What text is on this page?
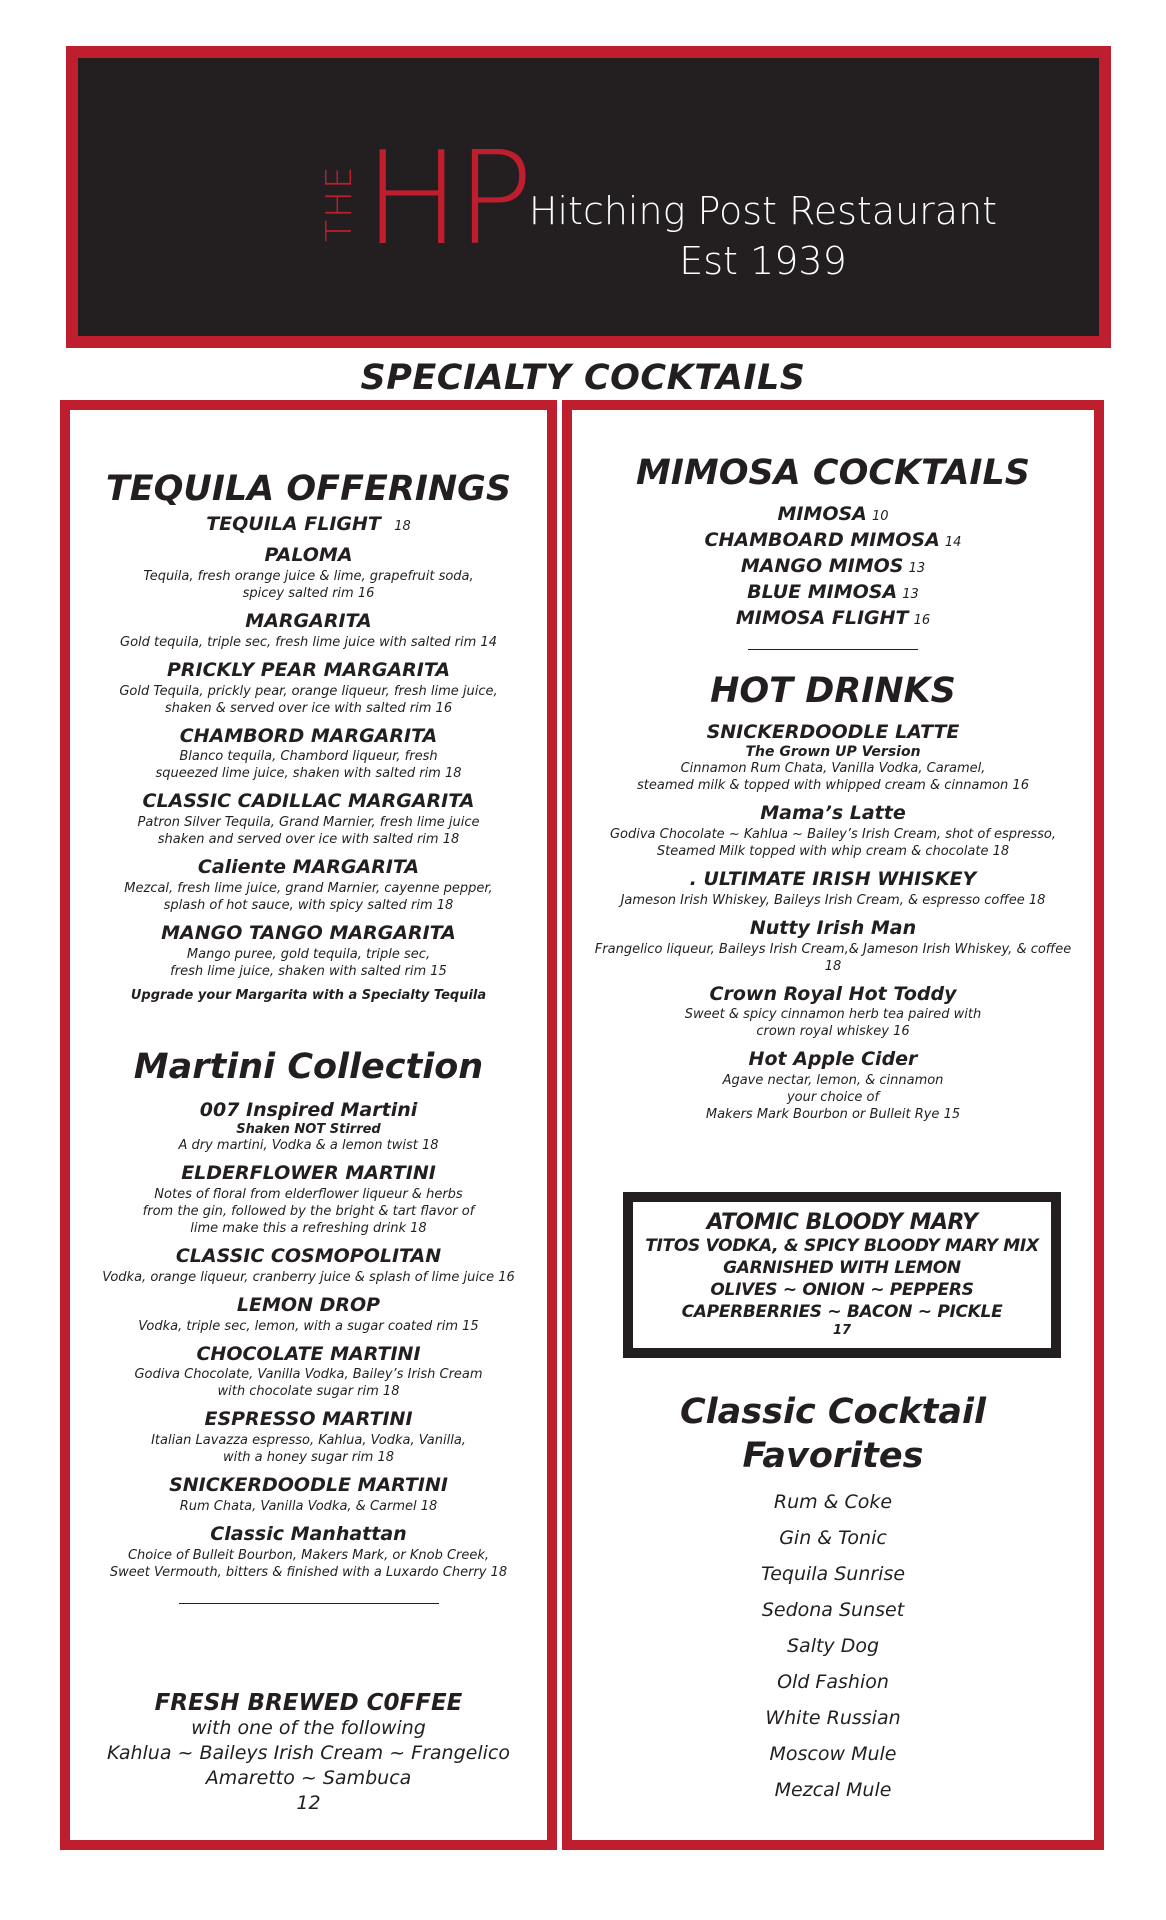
THE HP Hitching Post Restaurant
Est 1939
SPECIALTY COCKTAILS
TEQUILA OFFERINGS
TEQUILA FLIGHT 18
PALOMA
Tequila, fresh orange juice & lime, grapefruit soda,
spicey salted rim 16
MARGARITA
Gold tequila, triple sec, fresh lime juice with salted rim 14
PRICKLY PEAR MARGARITA
Gold Tequila, prickly pear, orange liqueur, fresh lime juice,
shaken & served over ice with salted rim 16
CHAMBORD MARGARITA
Blanco tequila, Chambord liqueur, fresh
squeezed lime juice, shaken with salted rim 18
CLASSIC CADILLAC MARGARITA
Patron Silver Tequila, Grand Marnier, fresh lime juice
shaken and served over ice with salted rim 18
Caliente MARGARITA
Mezcal, fresh lime juice, grand Marnier, cayenne pepper,
splash of hot sauce, with spicy salted rim 18
MANGO TANGO MARGARITA
Mango puree, gold tequila, triple sec,
fresh lime juice, shaken with salted rim 15
Upgrade your Margarita with a Specialty Tequila
Martini Collection
007 Inspired Martini
Shaken NOT Stirred
A dry martini, Vodka & a lemon twist 18
ELDERFLOWER MARTINI
Notes of floral from elderflower liqueur & herbs
from the gin, followed by the bright & tart flavor of
lime make this a refreshing drink 18
CLASSIC COSMOPOLITAN
Vodka, orange liqueur, cranberry juice & splash of lime juice 16
LEMON DROP
Vodka, triple sec, lemon, with a sugar coated rim 15
CHOCOLATE MARTINI
Godiva Chocolate, Vanilla Vodka, Bailey’s Irish Cream
with chocolate sugar rim 18
ESPRESSO MARTINI
Italian Lavazza espresso, Kahlua, Vodka, Vanilla,
with a honey sugar rim 18
SNICKERDOODLE MARTINI
Rum Chata, Vanilla Vodka, & Carmel 18
Classic Manhattan
Choice of Bulleit Bourbon, Makers Mark, or Knob Creek,
Sweet Vermouth, bitters & finished with a Luxardo Cherry 18
FRESH BREWED C0FFEE
with one of the following
Kahlua ~ Baileys Irish Cream ~ Frangelico
Amaretto ~ Sambuca
12
MIMOSA COCKTAILS
MIMOSA 10
CHAMBOARD MIMOSA 14
MANGO MIMOS 13
BLUE MIMOSA 13
MIMOSA FLIGHT 16
HOT DRINKS
SNICKERDOODLE LATTE
The Grown UP Version
Cinnamon Rum Chata, Vanilla Vodka, Caramel,
steamed milk & topped with whipped cream & cinnamon 16
Mama’s Latte
Godiva Chocolate ~ Kahlua ~ Bailey’s Irish Cream, shot of espresso,
Steamed Milk topped with whip cream & chocolate 18
. ULTIMATE IRISH WHISKEY
Jameson Irish Whiskey, Baileys Irish Cream, & espresso coffee 18
Nutty Irish Man
Frangelico liqueur, Baileys Irish Cream,& Jameson Irish Whiskey, & coffee
18
Crown Royal Hot Toddy
Sweet & spicy cinnamon herb tea paired with
crown royal whiskey 16
Hot Apple Cider
Agave nectar, lemon, & cinnamon
your choice of
Makers Mark Bourbon or Bulleit Rye 15
ATOMIC BLOODY MARY
TITOS VODKA, & SPICY BLOODY MARY MIX
GARNISHED WITH LEMON
OLIVES ~ ONION ~ PEPPERS
CAPERBERRIES ~ BACON ~ PICKLE
17
Classic Cocktail
Favorites
Rum & Coke
Gin & Tonic
Tequila Sunrise
Sedona Sunset
Salty Dog
Old Fashion
White Russian
Moscow Mule
Mezcal Mule
